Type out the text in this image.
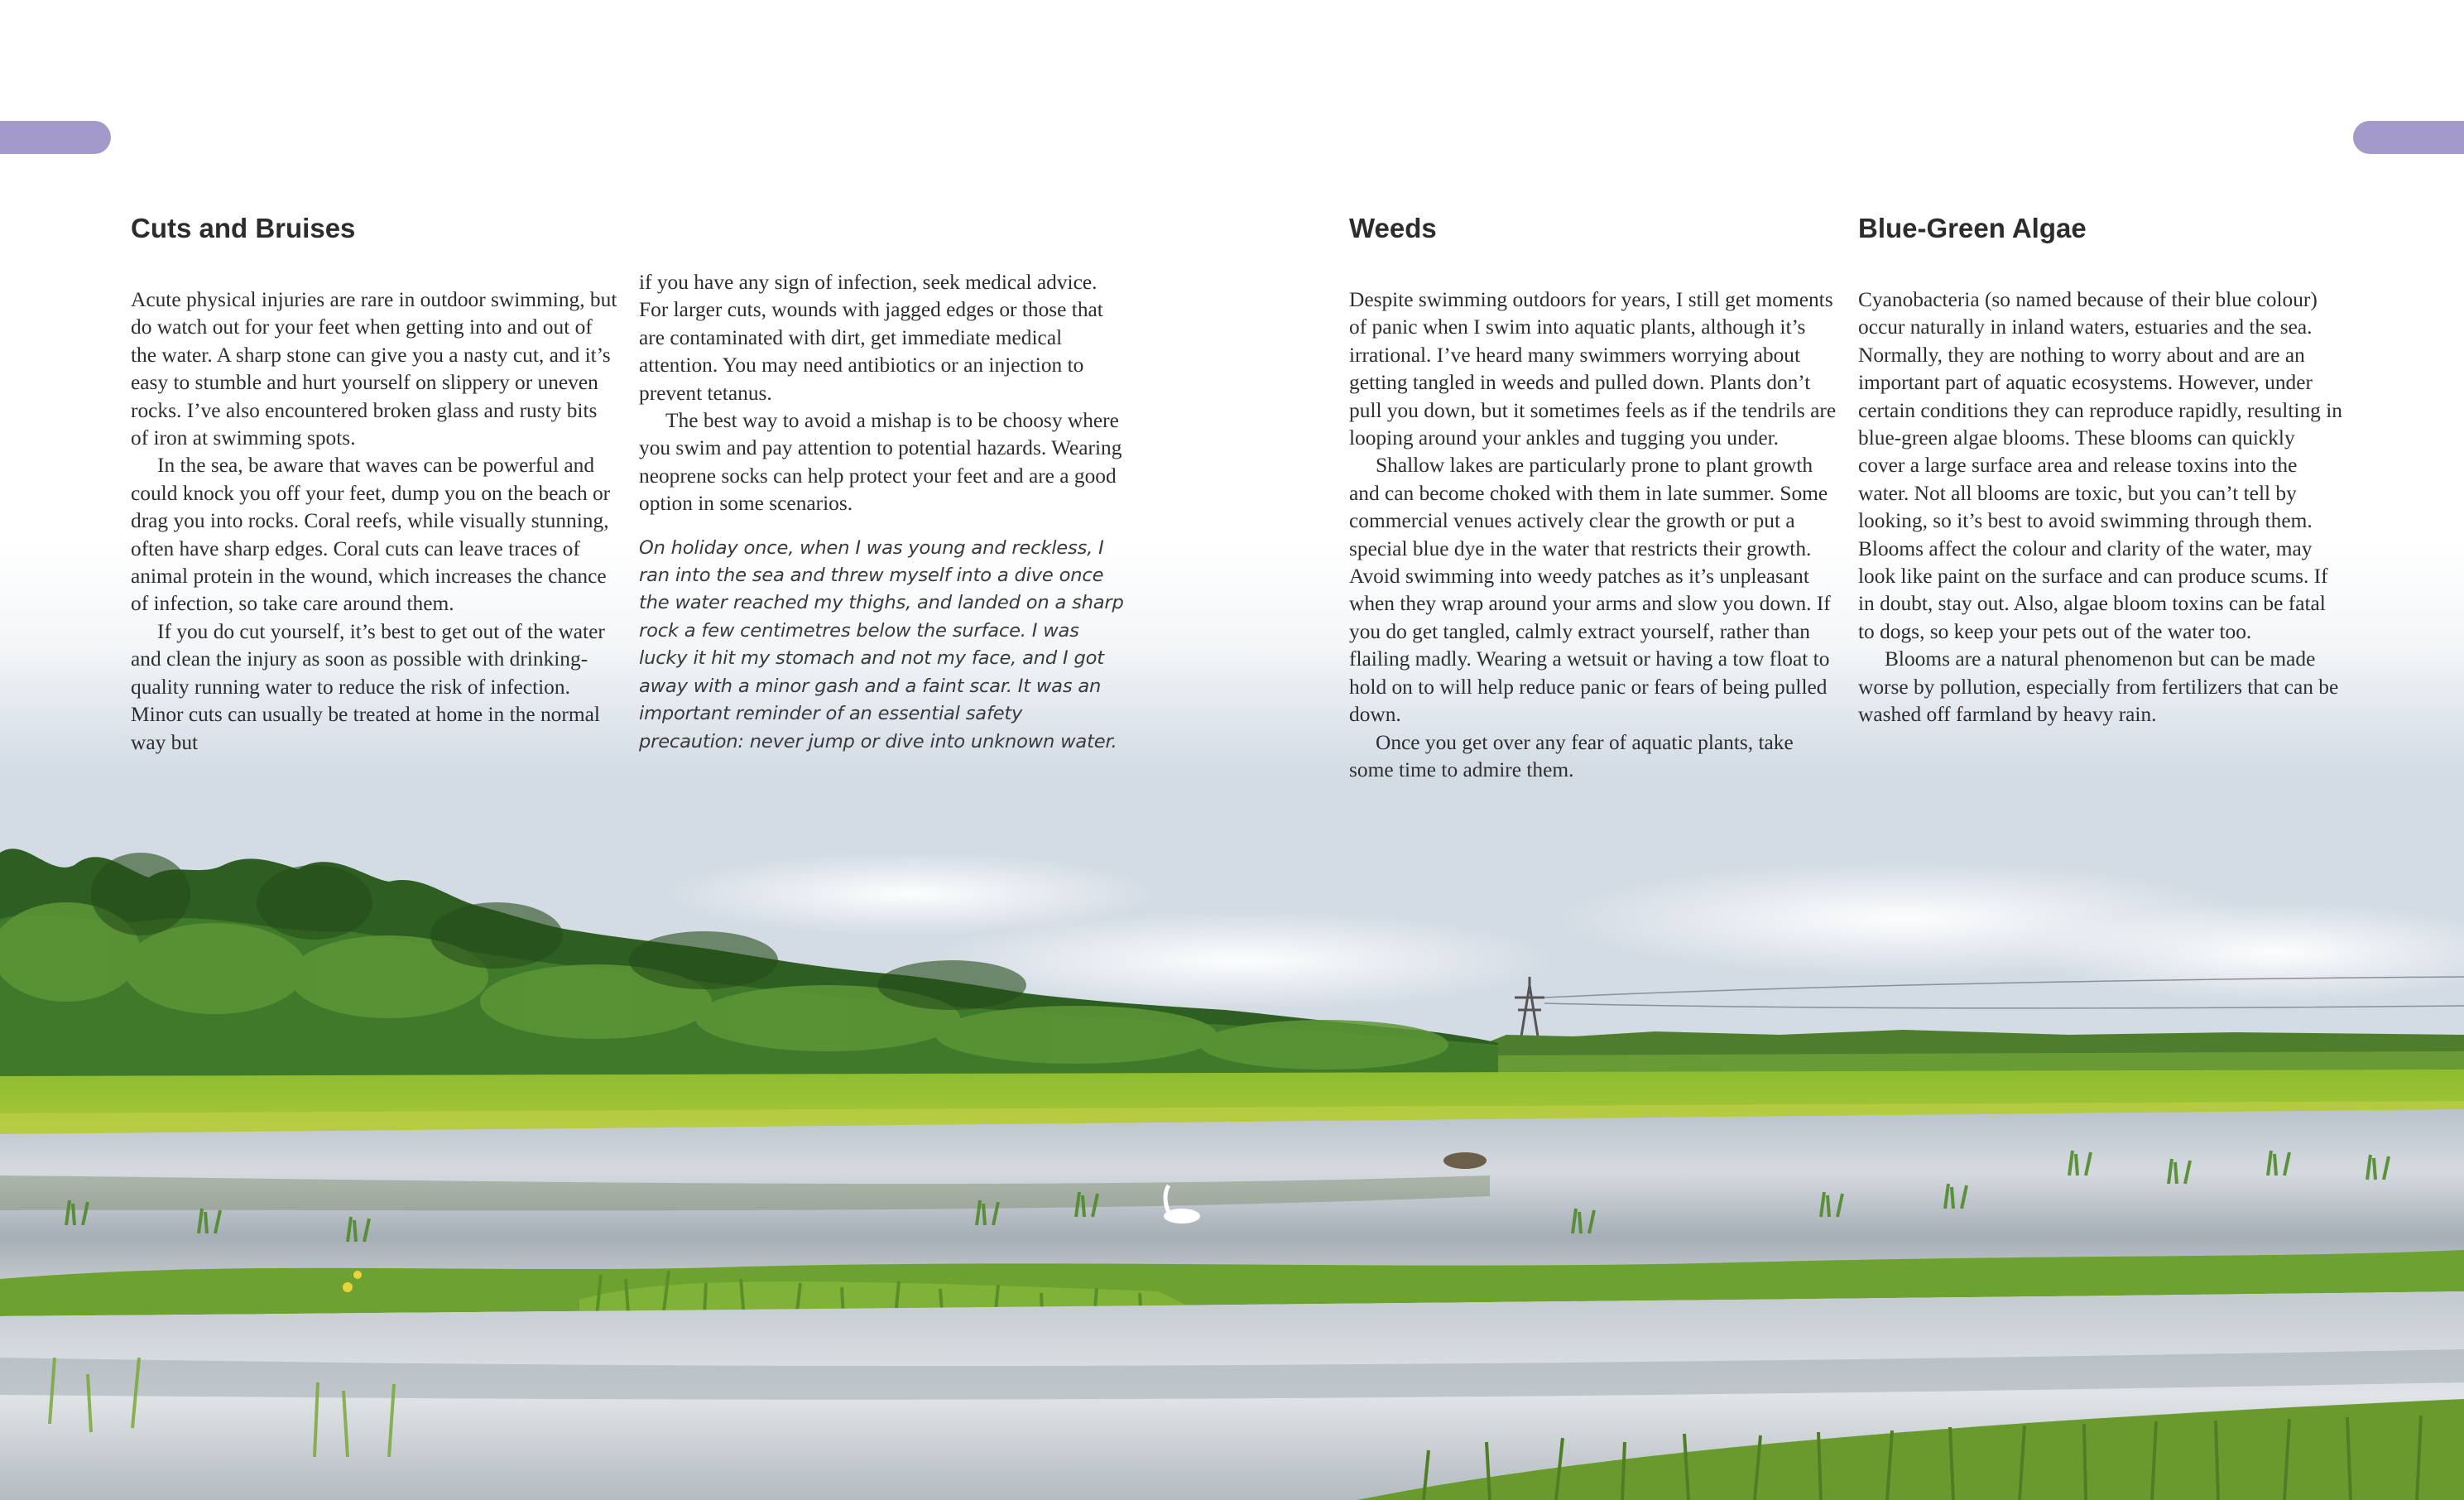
Cuts and Bruises

Acute physical injuries are rare in outdoor swimming, but do watch out for your feet when getting into and out of the water. A sharp stone can give you a nasty cut, and it’s easy to stumble and hurt yourself on slippery or uneven rocks. I’ve also encountered broken glass and rusty bits of iron at swimming spots.

In the sea, be aware that waves can be powerful and could knock you off your feet, dump you on the beach or drag you into rocks. Coral reefs, while visually stunning, often have sharp edges. Coral cuts can leave traces of animal protein in the wound, which increases the chance of infection, so take care around them.

If you do cut yourself, it’s best to get out of the water and clean the injury as soon as possible with drinking-quality running water to reduce the risk of infection. Minor cuts can usually be treated at home in the normal way but

if you have any sign of infection, seek medical advice. For larger cuts, wounds with jagged edges or those that are contaminated with dirt, get immediate medical attention. You may need antibiotics or an injection to prevent tetanus.

The best way to avoid a mishap is to be choosy where you swim and pay attention to potential hazards. Wearing neoprene socks can help protect your feet and are a good option in some scenarios.

On holiday once, when I was young and reckless, I ran into the sea and threw myself into a dive once the water reached my thighs, and landed on a sharp rock a few centimetres below the surface. I was lucky it hit my stomach and not my face, and I got away with a minor gash and a faint scar. It was an important reminder of an essential safety precaution: never jump or dive into unknown water.

Weeds

Despite swimming outdoors for years, I still get moments of panic when I swim into aquatic plants, although it’s irrational. I’ve heard many swimmers worrying about getting tangled in weeds and pulled down. Plants don’t pull you down, but it sometimes feels as if the tendrils are looping around your ankles and tugging you under.

Shallow lakes are particularly prone to plant growth and can become choked with them in late summer. Some commercial venues actively clear the growth or put a special blue dye in the water that restricts their growth. Avoid swimming into weedy patches as it’s unpleasant when they wrap around your arms and slow you down. If you do get tangled, calmly extract yourself, rather than flailing madly. Wearing a wetsuit or having a tow float to hold on to will help reduce panic or fears of being pulled down.

Once you get over any fear of aquatic plants, take some time to admire them.

Blue-Green Algae

Cyanobacteria (so named because of their blue colour) occur naturally in inland waters, estuaries and the sea. Normally, they are nothing to worry about and are an important part of aquatic ecosystems. However, under certain conditions they can reproduce rapidly, resulting in blue-green algae blooms. These blooms can quickly cover a large surface area and release toxins into the water. Not all blooms are toxic, but you can’t tell by looking, so it’s best to avoid swimming through them. Blooms affect the colour and clarity of the water, may look like paint on the surface and can produce scums. If in doubt, stay out. Also, algae bloom toxins can be fatal to dogs, so keep your pets out of the water too.

Blooms are a natural phenomenon but can be made worse by pollution, especially from fertilizers that can be washed off farmland by heavy rain.
